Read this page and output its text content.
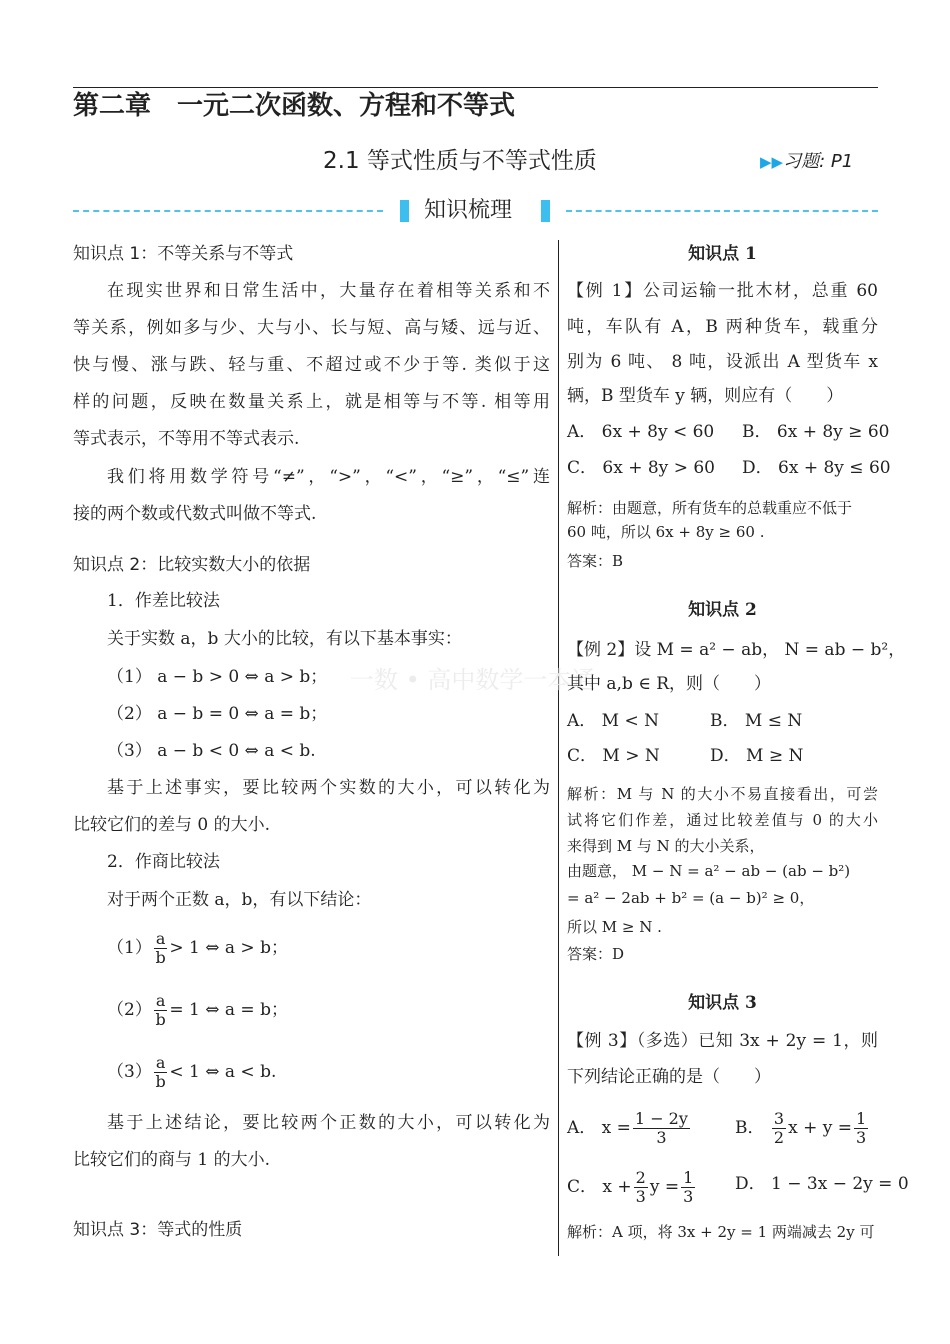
第二章　一元二次函数、方程和不等式
2.1 等式性质与不等式性质	▶▶习题: P1
知识梳理
一数 • 高中数学一本通
知识点 1：不等关系与不等式
在现实世界和日常生活中，大量存在着相等关系和不
等关系，例如多与少、大与小、长与短、高与矮、远与近、
快与慢、涨与跌、轻与重、不超过或不少于等. 类似于这
样的问题，反映在数量关系上，就是相等与不等. 相等用
等式表示，不等用不等式表示.
我们将用数学符号“≠”，“>”，“<”，“≥”，“≤”连
接的两个数或代数式叫做不等式.
知识点 2：比较实数大小的依据
1．作差比较法
关于实数 a，b 大小的比较，有以下基本事实：
（1） a − b > 0 ⇔ a > b；
（2） a − b = 0 ⇔ a = b；
（3） a − b < 0 ⇔ a < b.
基于上述事实，要比较两个实数的大小，可以转化为
比较它们的差与 0 的大小.
2．作商比较法
对于两个正数 a，b，有以下结论：
$(1) \frac{a}{b} > 1$ ⇔ a > b；
$(2) \frac{a}{b} = 1$ ⇔ a = b；
$(3) \frac{a}{b} < 1$ ⇔ a < b.
基于上述结论，要比较两个正数的大小，可以转化为
比较它们的商与 1 的大小.
知识点 3：等式的性质
知识点 1
【例 1】公司运输一批木材，总重 60
吨，车队有 A，B 两种货车，载重分
别为 6 吨、 8 吨，设派出 A 型货车 x
辆，B 型货车 y 辆，则应有（　　）
A． 6x + 8y < 60 B． 6x + 8y ≥ 60
C． 6x + 8y > 60 D． 6x + 8y ≤ 60
解析：由题意，所有货车的总载重应不低于
60 吨，所以 6x + 8y ≥ 60 .
答案：B
知识点 2
【例 2】设 M = a² − ab， N = ab − b²，
其中 a,b ∈ R，则（　　）
A． M < N	B． M ≤ N
C． M > N	D． M ≥ N
解析：M 与 N 的大小不易直接看出，可尝
试将它们作差，通过比较差值与 0 的大小
来得到 M 与 N 的大小关系，
由题意， M − N = a² − ab − (ab − b²)
= a² − 2ab + b² = (a − b)² ≥ 0，
所以 M ≥ N .
答案：D
知识点 3
【例 3】（多选）已知 3x + 2y = 1，则
下列结论正确的是（　　）
A． $x = \frac{1 - 2y}{3}$	B． $\frac{3}{2}$ $x + y = \frac{1}{3}$
C． $x + \frac{2}{3}$ $y = \frac{1}{3}$ D． 1 − 3x − 2y = 0
解析：A 项，将 3x + 2y = 1 两端减去 2y 可
